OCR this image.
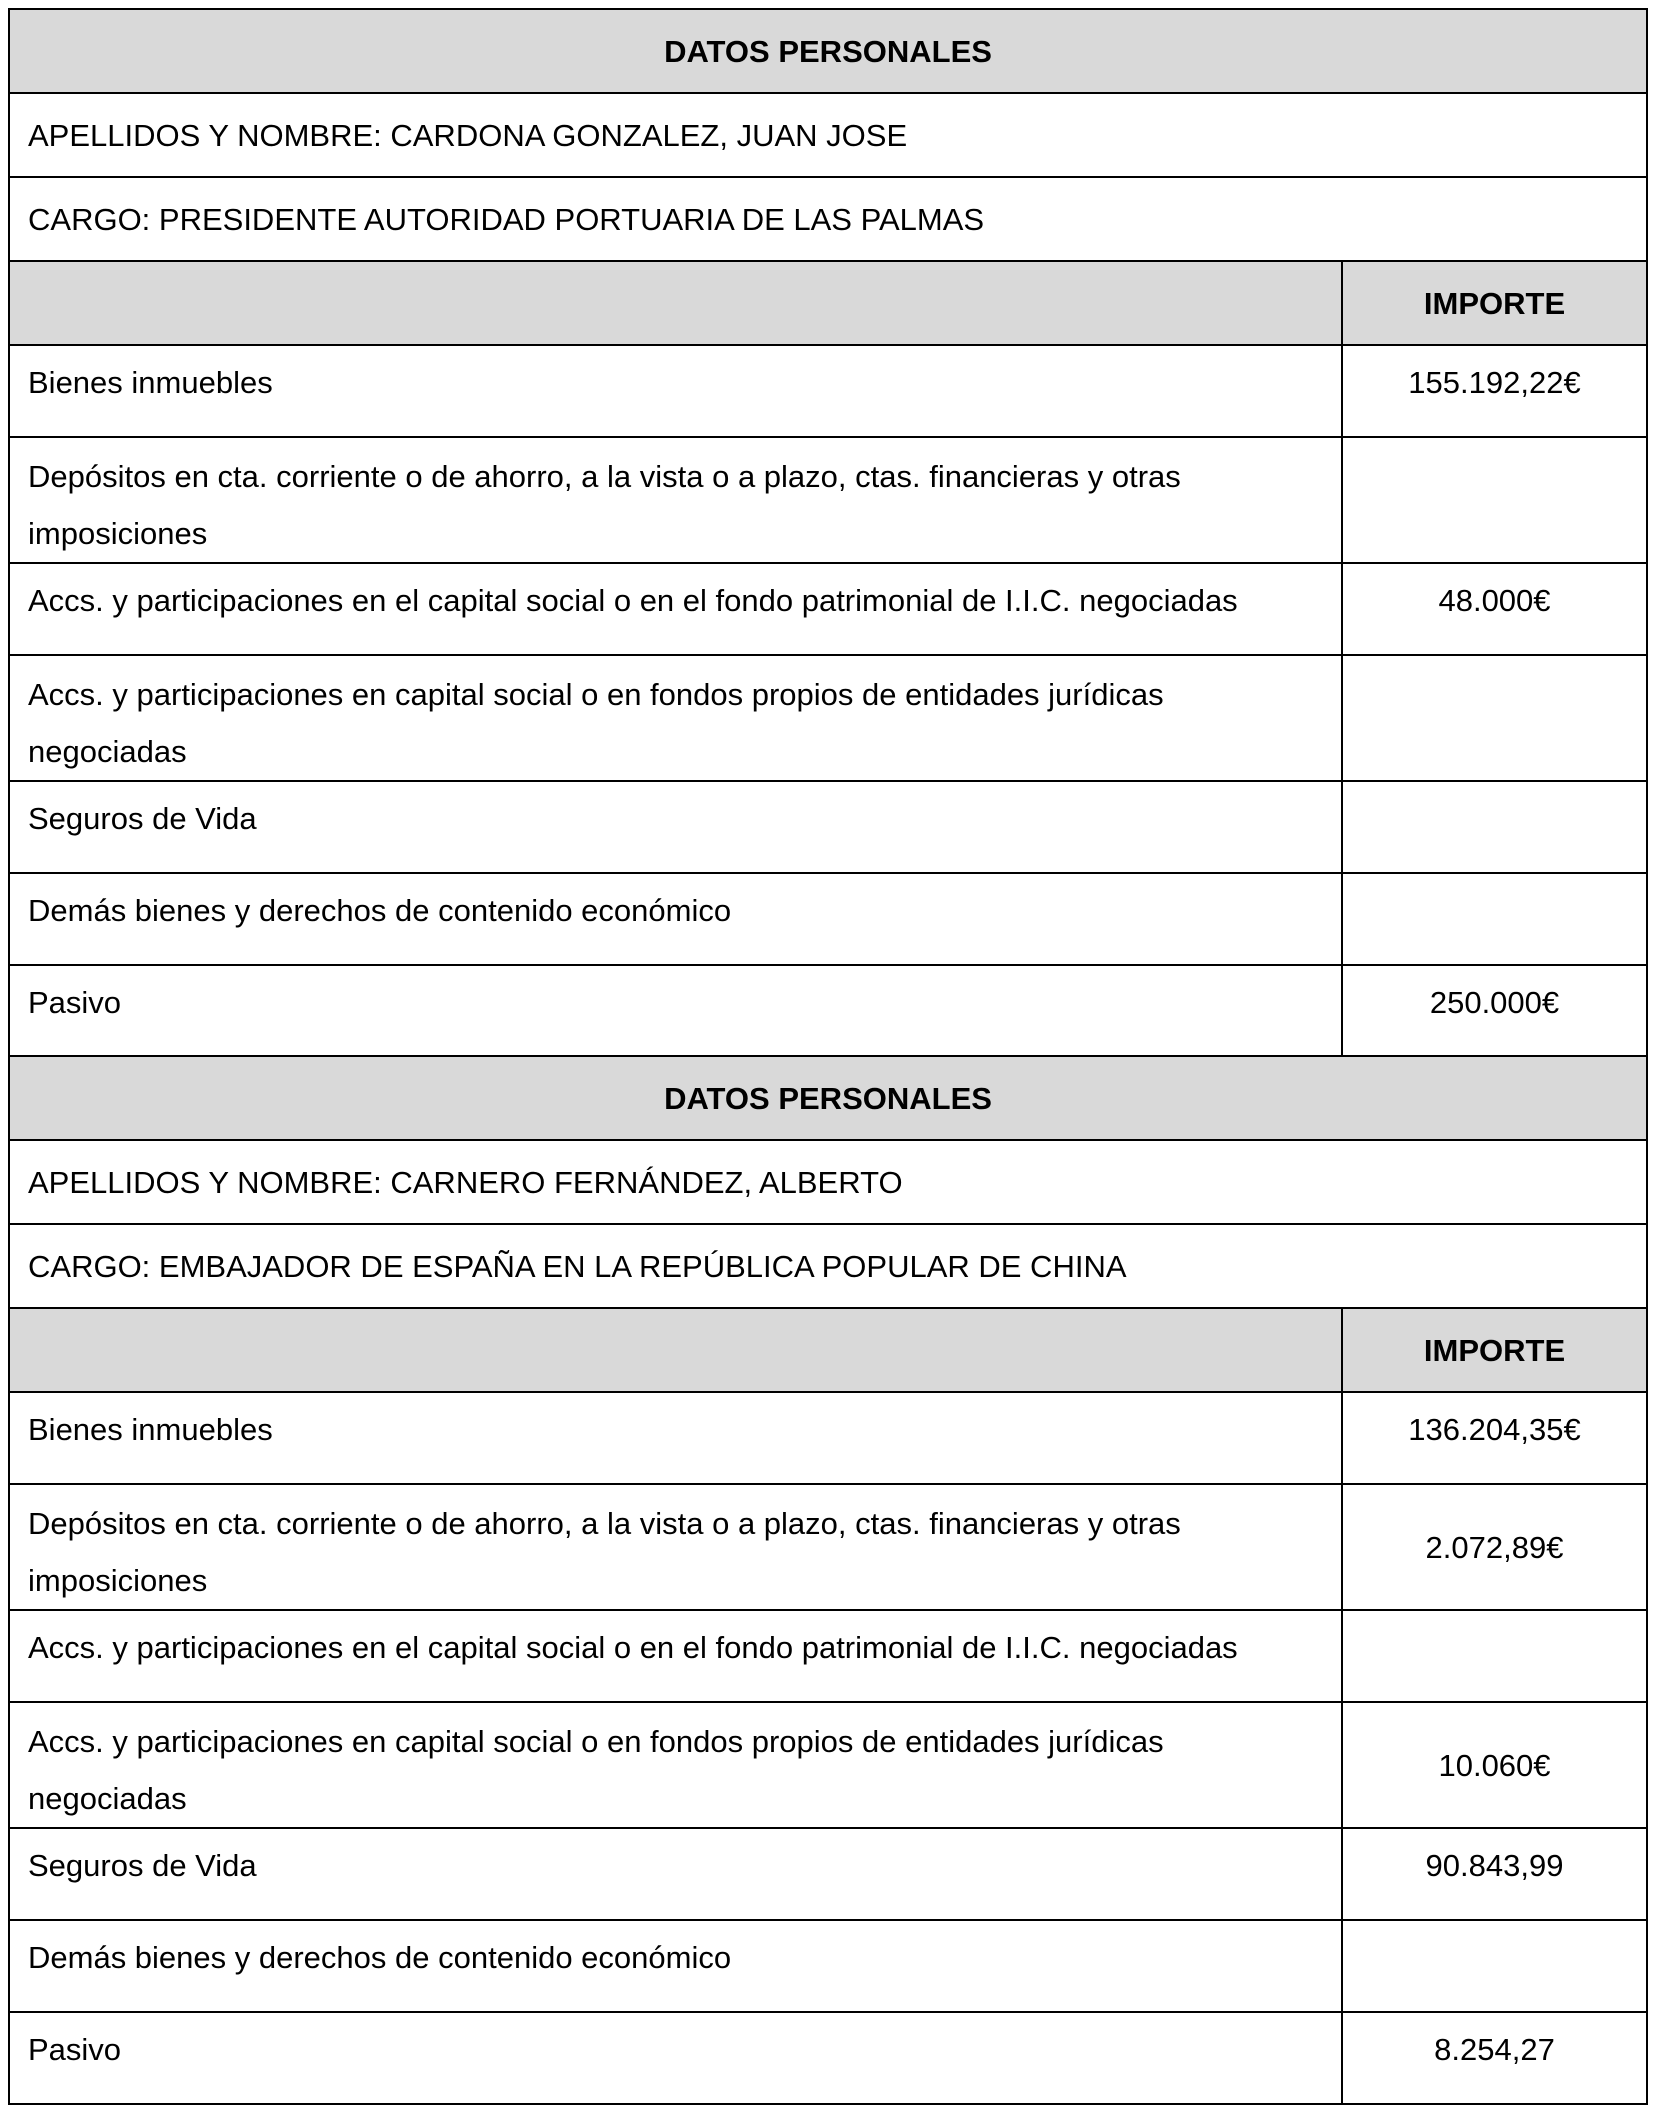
DATOS PERSONALES	
APELLIDOS Y NOMBRE: CARDONA GONZALEZ, JUAN JOSE	
CARGO: PRESIDENTE AUTORIDAD PORTUARIA DE LAS PALMAS	
	IMPORTE
Bienes inmuebles	155.192,22€
Depósitos en cta. corriente o de ahorro, a la vista o a plazo, ctas. financieras y otras imposiciones	
Accs. y participaciones en el capital social o en el fondo patrimonial de I.I.C. negociadas	48.000€
Accs. y participaciones en capital social o en fondos propios de entidades jurídicas negociadas	
Seguros de Vida	
Demás bienes y derechos de contenido económico	
Pasivo	250.000€
DATOS PERSONALES	
APELLIDOS Y NOMBRE: CARNERO FERNÁNDEZ, ALBERTO	
CARGO: EMBAJADOR DE ESPAÑA EN LA REPÚBLICA POPULAR DE CHINA	
	IMPORTE
Bienes inmuebles	136.204,35€
Depósitos en cta. corriente o de ahorro, a la vista o a plazo, ctas. financieras y otras imposiciones	2.072,89€
Accs. y participaciones en el capital social o en el fondo patrimonial de I.I.C. negociadas	
Accs. y participaciones en capital social o en fondos propios de entidades jurídicas negociadas	10.060€
Seguros de Vida	90.843,99
Demás bienes y derechos de contenido económico	
Pasivo	8.254,27
